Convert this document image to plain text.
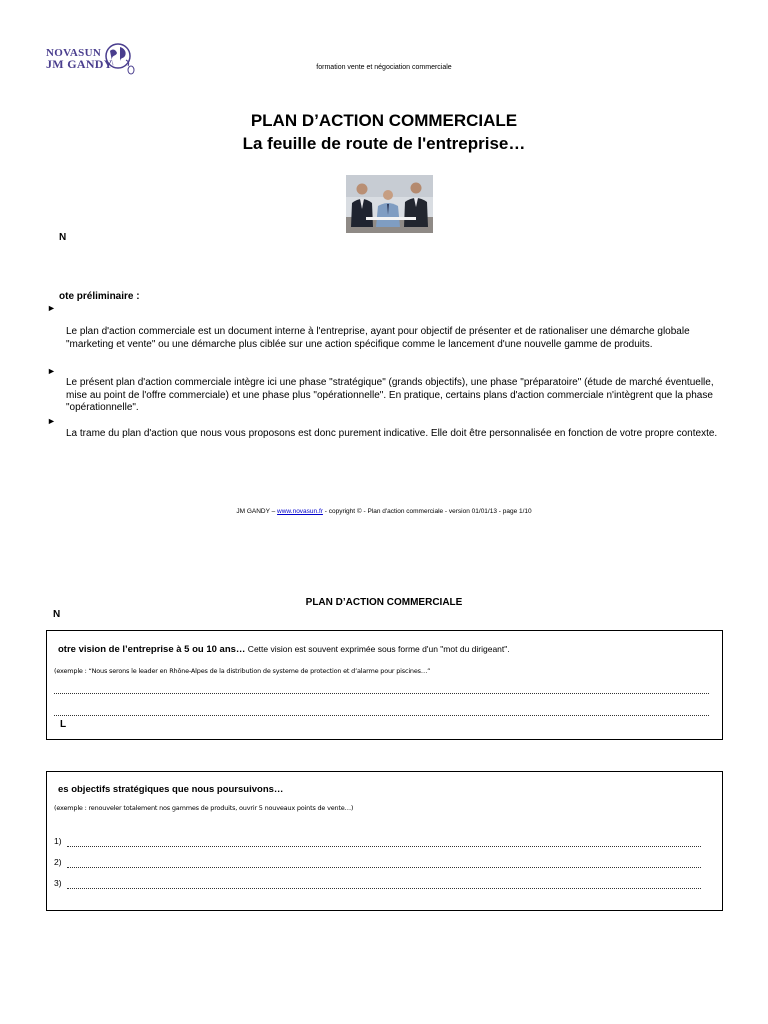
NOVASUN
JM GANDY	formation vente et négociation commerciale
PLAN D’ACTION COMMERCIALE
La feuille de route de l'entreprise…
N
ote préliminaire :
►
Le plan d'action commerciale est un document interne à l'entreprise, ayant pour objectif de présenter et de rationaliser une démarche globale "marketing et vente" ou une démarche plus ciblée sur une action spécifique comme le lancement d'une nouvelle gamme de produits.
►
Le présent plan d'action commerciale intègre ici une phase "stratégique" (grands objectifs), une phase "préparatoire" (étude de marché éventuelle, mise au point de l'offre commerciale) et une phase plus "opérationnelle". En pratique, certains plans d'action commerciale n'intègrent que la phase "opérationnelle".
►
La trame du plan d'action que nous vous proposons est donc purement indicative. Elle doit être personnalisée en fonction de votre propre contexte.
JM GANDY – www.novasun.fr - copyright © - Plan d'action commerciale - version 01/01/13 - page 1/10
PLAN D’ACTION COMMERCIALE
N
otre vision de l’entreprise à 5 ou 10 ans… Cette vision est souvent exprimée sous forme d'un "mot du dirigeant".
(exemple : “Nous serons le leader en Rhône-Alpes de la distribution de systeme de protection et d’alarme pour piscines…”
L
es objectifs stratégiques que nous poursuivons…
(exemple : renouveler totalement nos gammes de produits, ouvrir 5 nouveaux points de vente…)
1)
2)
3)
